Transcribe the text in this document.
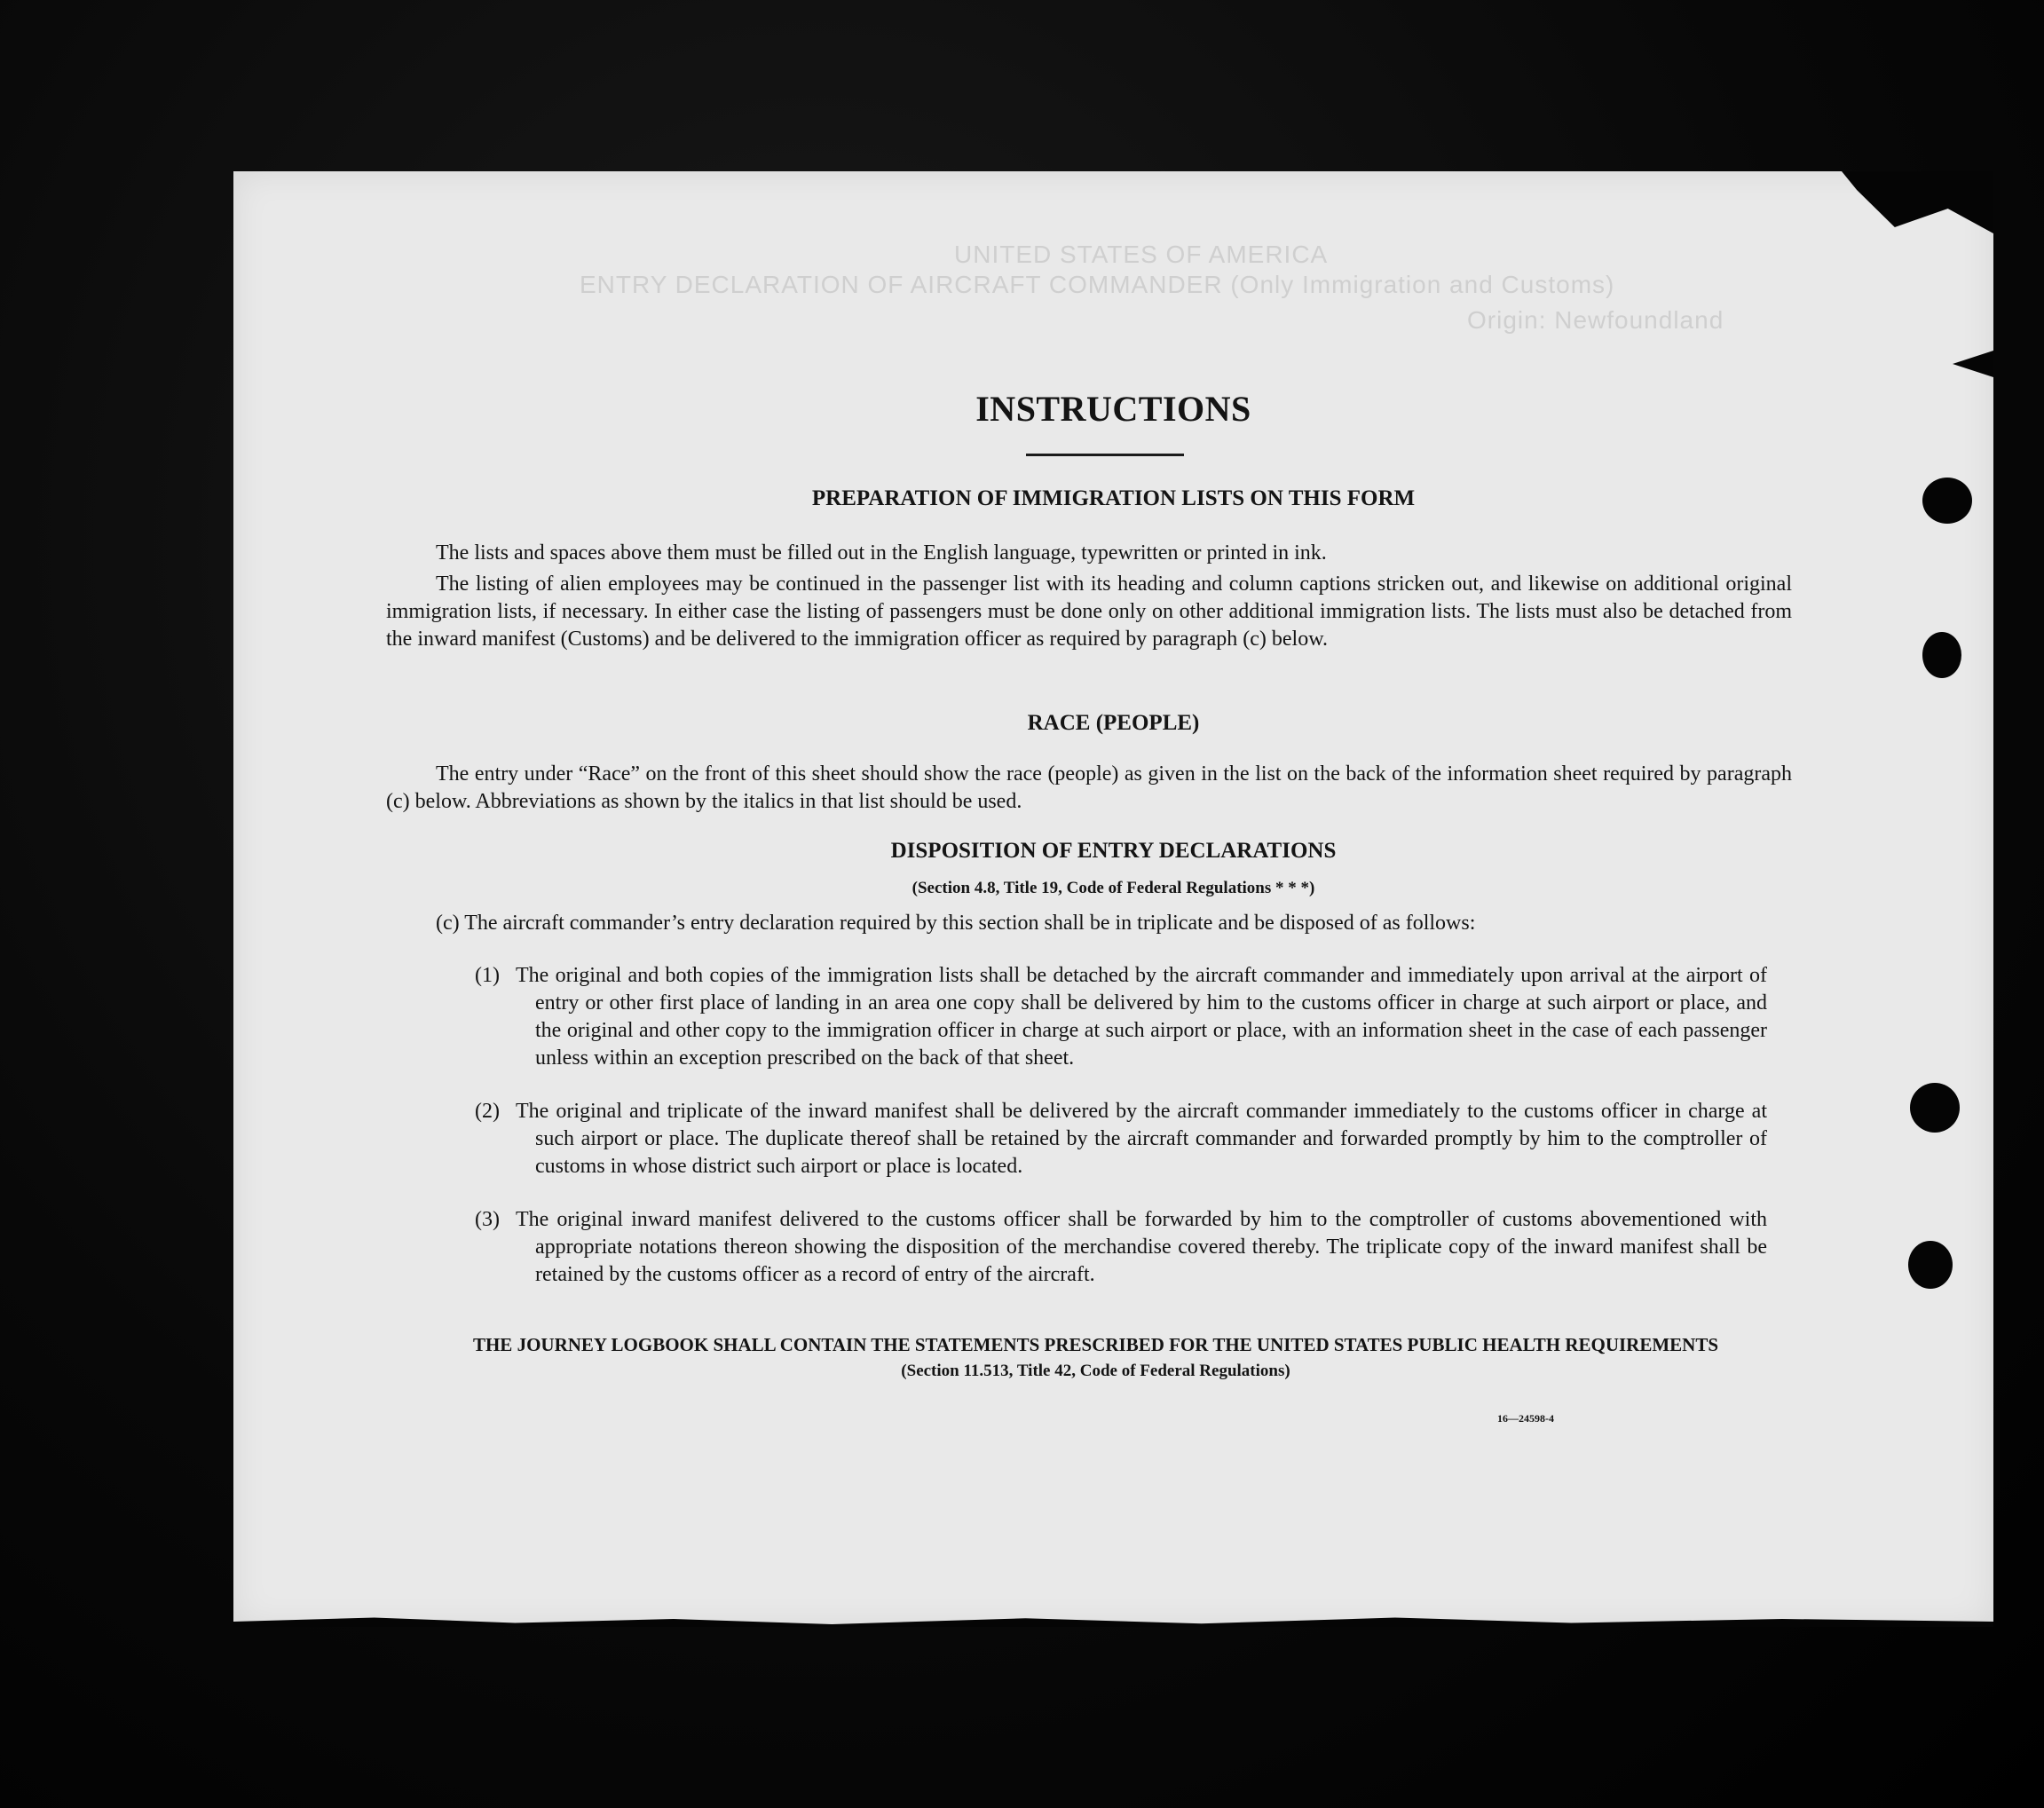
UNITED STATES OF AMERICA
ENTRY DECLARATION OF AIRCRAFT COMMANDER (Only Immigration and Customs)
Origin: Newfoundland
INSTRUCTIONS
PREPARATION OF IMMIGRATION LISTS ON THIS FORM
The lists and spaces above them must be filled out in the English language, typewritten or printed in ink.
The listing of alien employees may be continued in the passenger list with its heading and column captions stricken out, and likewise on additional original immigration lists, if necessary. In either case the listing of passengers must be done only on other additional immigration lists. The lists must also be detached from the inward manifest (Customs) and be delivered to the immigration officer as required by paragraph (c) below.
RACE (PEOPLE)
The entry under “Race” on the front of this sheet should show the race (people) as given in the list on the back of the information sheet required by paragraph (c) below. Abbreviations as shown by the italics in that list should be used.
DISPOSITION OF ENTRY DECLARATIONS
(Section 4.8, Title 19, Code of Federal Regulations * * *)
(c) The aircraft commander’s entry declaration required by this section shall be in triplicate and be disposed of as follows:
(1) The original and both copies of the immigration lists shall be detached by the aircraft commander and immediately upon arrival at the airport of entry or other first place of landing in an area one copy shall be delivered by him to the customs officer in charge at such airport or place, and the original and other copy to the immigration officer in charge at such airport or place, with an information sheet in the case of each passenger unless within an exception prescribed on the back of that sheet.
(2) The original and triplicate of the inward manifest shall be delivered by the aircraft commander immediately to the customs officer in charge at such airport or place. The duplicate thereof shall be retained by the aircraft commander and forwarded promptly by him to the comptroller of customs in whose district such airport or place is located.
(3) The original inward manifest delivered to the customs officer shall be forwarded by him to the comptroller of customs abovementioned with appropriate notations thereon showing the disposition of the merchandise covered thereby. The triplicate copy of the inward manifest shall be retained by the customs officer as a record of entry of the aircraft.
THE JOURNEY LOGBOOK SHALL CONTAIN THE STATEMENTS PRESCRIBED FOR THE UNITED STATES PUBLIC HEALTH REQUIREMENTS
(Section 11.513, Title 42, Code of Federal Regulations)
16—24598-4
